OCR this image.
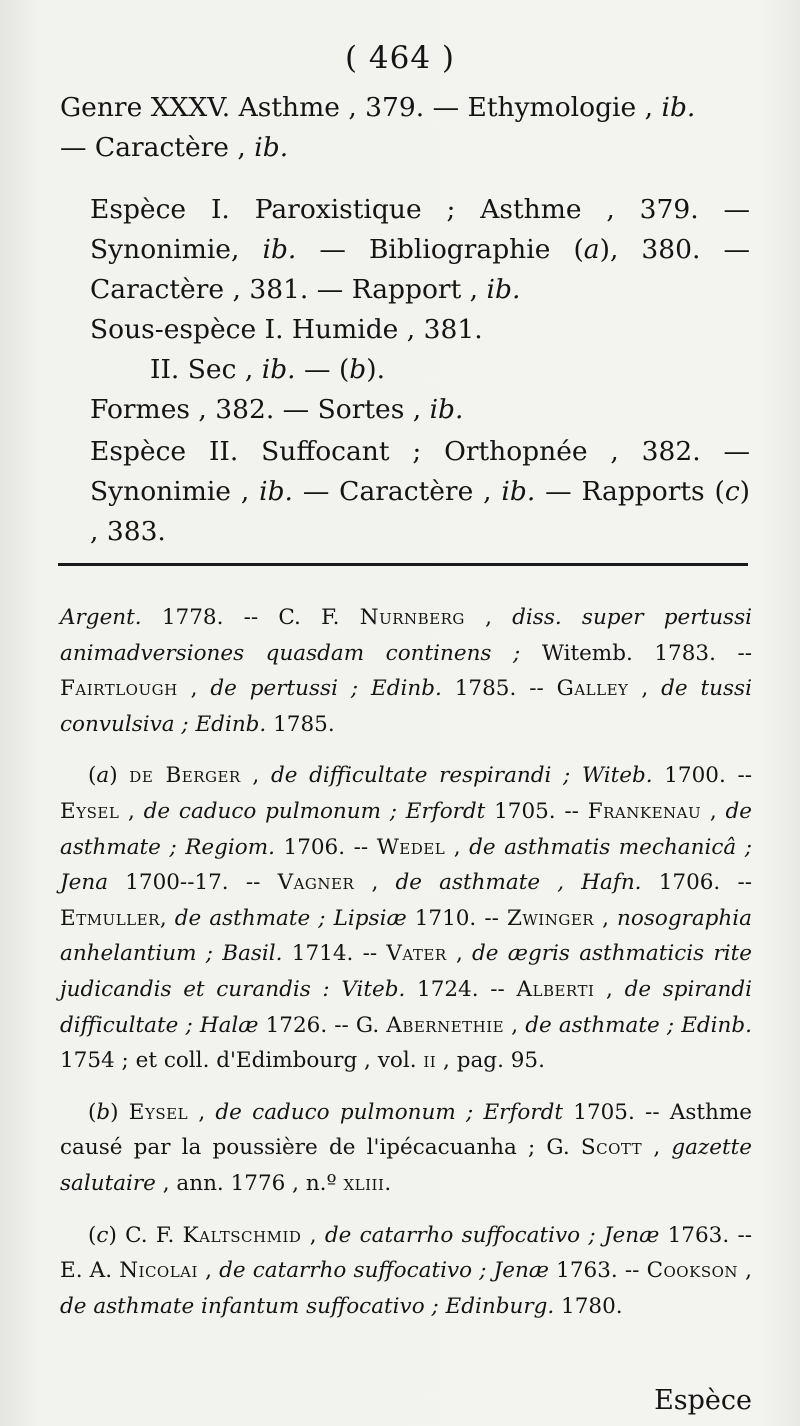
( 464 )

Genre XXXV. Asthme , 379. — Ethymologie , ib.
— Caractère , ib.

Espèce I. Paroxistique ; Asthme , 379. — Synonimie, ib. — Bibliographie (a), 380. — Caractère , 381. — Rapport , ib.

Sous-espèce I. Humide , 381.

II. Sec , ib. — (b).

Formes , 382. — Sortes , ib.

Espèce II. Suffocant ; Orthopnée , 382. — Synonimie , ib. — Caractère , ib. — Rapports (c) , 383.

Argent. 1778. -- C. F. Nurnberg , diss. super pertussi animadversiones quasdam continens ; Witemb. 1783. -- Fairtlough , de pertussi ; Edinb. 1785. -- Galley , de tussi convulsiva ; Edinb. 1785.

(a) de Berger , de difficultate respirandi ; Witeb. 1700. -- Eysel , de caduco pulmonum ; Erfordt 1705. -- Frankenau , de asthmate ; Regiom. 1706. -- Wedel , de asthmatis mechanicâ ; Jena 1700--17. -- Vagner , de asthmate , Hafn. 1706. -- Etmuller, de asthmate ; Lipsiæ 1710. -- Zwinger , nosographia anhelantium ; Basil. 1714. -- Vater , de ægris asthmaticis rite judicandis et curandis : Viteb. 1724. -- Alberti , de spirandi difficultate ; Halæ 1726. -- G. Abernethie , de asthmate ; Edinb. 1754 ; et coll. d'Edimbourg , vol. ii , pag. 95.

(b) Eysel , de caduco pulmonum ; Erfordt 1705. -- Asthme causé par la poussière de l'ipécacuanha ; G. Scott , gazette salutaire , ann. 1776 , n.º xliii.

(c) C. F. Kaltschmid , de catarrho suffocativo ; Jenæ 1763. -- E. A. Nicolai , de catarrho suffocativo ; Jenæ 1763. -- Cookson , de asthmate infantum suffocativo ; Edinburg. 1780.

Espèce
